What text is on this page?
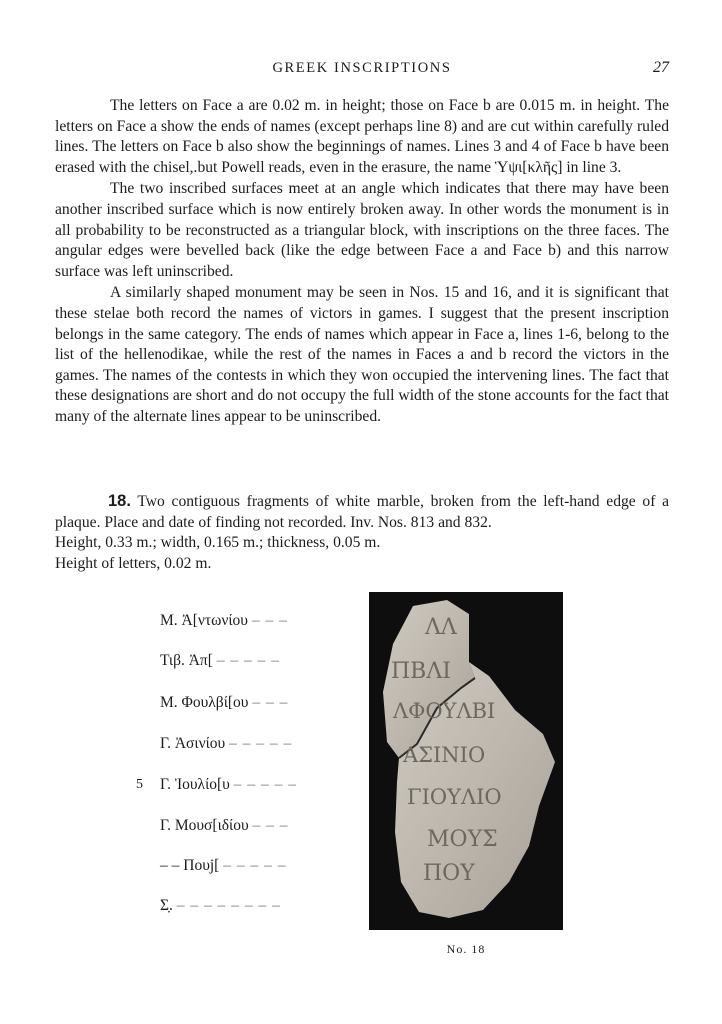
GREEK INSCRIPTIONS	27

The letters on Face a are 0.02 m. in height; those on Face b are 0.015 m. in height. The letters on Face a show the ends of names (except perhaps line 8) and are cut within carefully ruled lines. The letters on Face b also show the beginnings of names. Lines 3 and 4 of Face b have been erased with the chisel,.but Powell reads, even in the erasure, the name Ὑψι[κλῆς] in line 3.

The two inscribed surfaces meet at an angle which indicates that there may have been another inscribed surface which is now entirely broken away. In other words the monument is in all probability to be reconstructed as a triangular block, with inscriptions on the three faces. The angular edges were bevelled back (like the edge between Face a and Face b) and this narrow surface was left uninscribed.

A similarly shaped monument may be seen in Nos. 15 and 16, and it is significant that these stelae both record the names of victors in games. I suggest that the present inscription belongs in the same category. The ends of names which appear in Face a, lines 1-6, belong to the list of the hellenodikae, while the rest of the names in Faces a and b record the victors in the games. The names of the contests in which they won occupied the intervening lines. The fact that these designations are short and do not occupy the full width of the stone accounts for the fact that many of the alternate lines appear to be uninscribed.

18. Two contiguous fragments of white marble, broken from the left-hand edge of a plaque. Place and date of finding not recorded. Inv. Nos. 813 and 832.

Height, 0.33 m.; width, 0.165 m.; thickness, 0.05 m.

Height of letters, 0.02 m.

Μ. Ἀ[ντωνίου
– – –
Τιβ. Ἀπ[
– – – – –
Μ. Φουλβί[ου
– – –
Γ. Ἀσινίου
– – – – –
5	Γ. Ἰουλίο[υ
– – – – –
Γ. Μουσ[ιδίου
– – –
– – Πουϳ[
– – – – –
Σ̣.
– – – – – – – –
ΛΛ
ΠΒΛΙ
ΛΦΟΥΛΒΙ
ΑΣΙΝΙΟ
ΓΙΟΥΛΙΟ
ΜΟΥΣ
ΠΟΥ
No. 18
